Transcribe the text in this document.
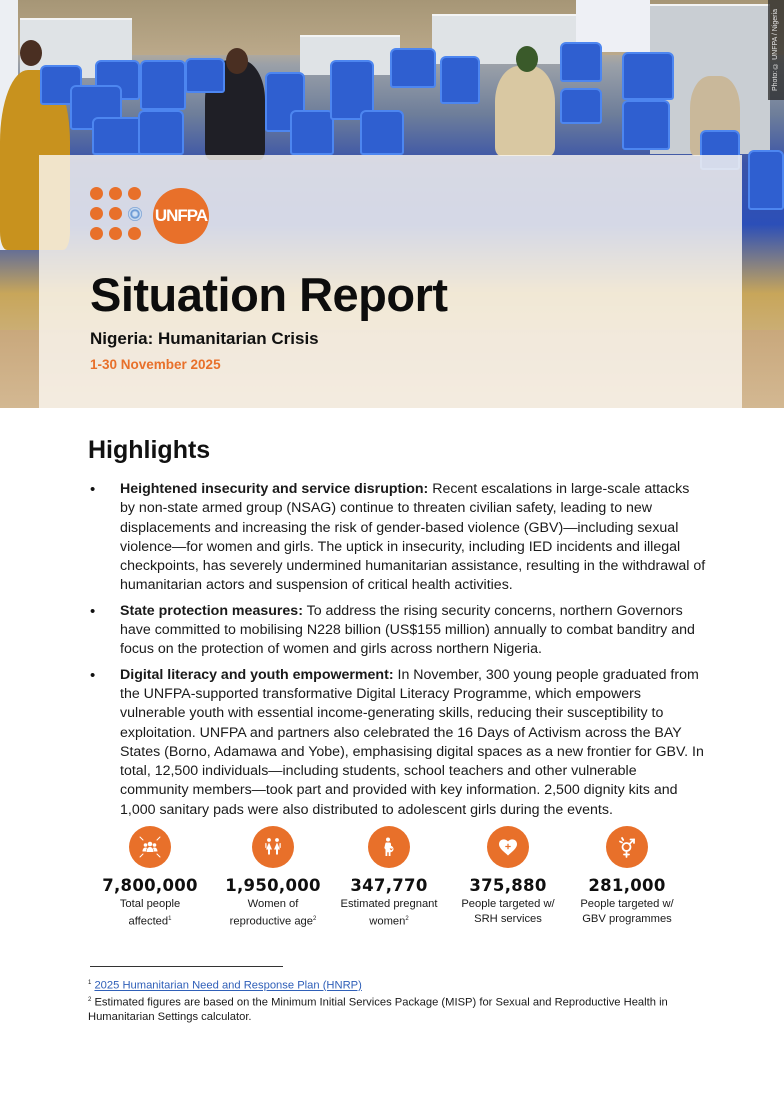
Photo: © UNFPA / Nigeria
UNFPA
Situation Report
Nigeria: Humanitarian Crisis
1-30 November 2025
Highlights
• Heightened insecurity and service disruption: Recent escalations in large-scale attacks by non-state armed group (NSAG) continue to threaten civilian safety, leading to new displacements and increasing the risk of gender-based violence (GBV)—including sexual violence—for women and girls. The uptick in insecurity, including IED incidents and illegal checkpoints, has severely undermined humanitarian assistance, resulting in the withdrawal of humanitarian actors and suspension of critical health activities.
• State protection measures: To address the rising security concerns, northern Governors have committed to mobilising N228 billion (US$155 million) annually to combat banditry and focus on the protection of women and girls across northern Nigeria.
• Digital literacy and youth empowerment: In November, 300 young people graduated from the UNFPA-supported transformative Digital Literacy Programme, which empowers vulnerable youth with essential income-generating skills, reducing their susceptibility to exploitation. UNFPA and partners also celebrated the 16 Days of Activism across the BAY States (Borno, Adamawa and Yobe), emphasising digital spaces as a new frontier for GBV. In total, 12,500 individuals—including students, school teachers and other vulnerable community members—took part and provided with key information. 2,500 dignity kits and 1,000 sanitary pads were also distributed to adolescent girls during the events.
7,800,000
Total people
affected$^1$
1,950,000
Women of
reproductive age$^2$
347,770
Estimated pregnant
women$^2$
375,880
People targeted w/
SRH services
281,000
People targeted w/
GBV programmes
$^1$ 2025 Humanitarian Need and Response Plan (HNRP)
$^2$ Estimated figures are based on the Minimum Initial Services Package (MISP) for Sexual and Reproductive Health in Humanitarian Settings calculator.
